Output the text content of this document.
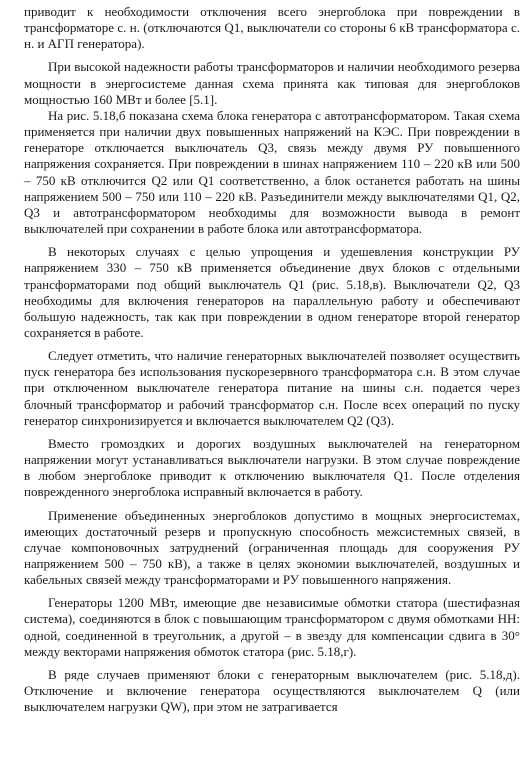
приводит к необходимости отключения всего энергоблока при повреждении в трансформаторе с. н. (отключаются Q1, выключатели со стороны 6 кВ трансформатора с. н. и АГП генератора).

При высокой надежности работы трансформаторов и наличии необходимого резерва мощности в энергосистеме данная схема принята как типовая для энергоблоков мощностью 160 МВт и более [5.1].

На рис. 5.18,б показана схема блока генератора с автотрансформатором. Такая схема применяется при наличии двух повышенных напряжений на КЭС. При повреждении в генераторе отключается выключатель Q3, связь между двумя РУ повышенного напряжения сохраняется. При повреждении в шинах напряжением 110 – 220 кВ или 500 – 750 кВ отключится Q2 или Q1 соответственно, а блок останется работать на шины напряжением 500 – 750 или 110 – 220 кВ. Разъединители между выключателями Q1, Q2, Q3 и автотрансформатором необходимы для возможности вывода в ремонт выключателей при сохранении в работе блока или автотрансформатора.

В некоторых случаях с целью упрощения и удешевления конструкции РУ напряжением 330 – 750 кВ применяется объединение двух блоков с отдельными трансформаторами под общий выключатель Q1 (рис. 5.18,в). Выключатели Q2, Q3 необходимы для включения генераторов на параллельную работу и обеспечивают большую надежность, так как при повреждении в одном генераторе второй генератор сохраняется в работе.

Следует отметить, что наличие генераторных выключателей позволяет осуществить пуск генератора без использования пускорезервного трансформатора с.н. В этом случае при отключенном выключателе генератора питание на шины с.н. подается через блочный трансформатор и рабочий трансформатор с.н. После всех операций по пуску генератор синхронизируется и включается выключателем Q2 (Q3).

Вместо громоздких и дорогих воздушных выключателей на генераторном напряжении могут устанавливаться выключатели нагрузки. В этом случае повреждение в любом энергоблоке приводит к отключению выключателя Q1. После отделения поврежденного энергоблока исправный включается в работу.

Применение объединенных энергоблоков допустимо в мощных энергосистемах, имеющих достаточный резерв и пропускную способность межсистемных связей, в случае компоновочных затруднений (ограниченная площадь для сооружения РУ напряжением 500 – 750 кВ), а также в целях экономии выключателей, воздушных и кабельных связей между трансформаторами и РУ повышенного напряжения.

Генераторы 1200 МВт, имеющие две независимые обмотки статора (шестифазная система), соединяются в блок с повышающим трансформатором с двумя обмотками НН: одной, соединенной в треугольник, а другой – в звезду для компенсации сдвига в 30° между векторами напряжения обмоток статора (рис. 5.18,г).

В ряде случаев применяют блоки с генераторным выключателем (рис. 5.18,д). Отключение и включение генератора осуществляются выключателем Q (или выключателем нагрузки QW), при этом не затрагивается
